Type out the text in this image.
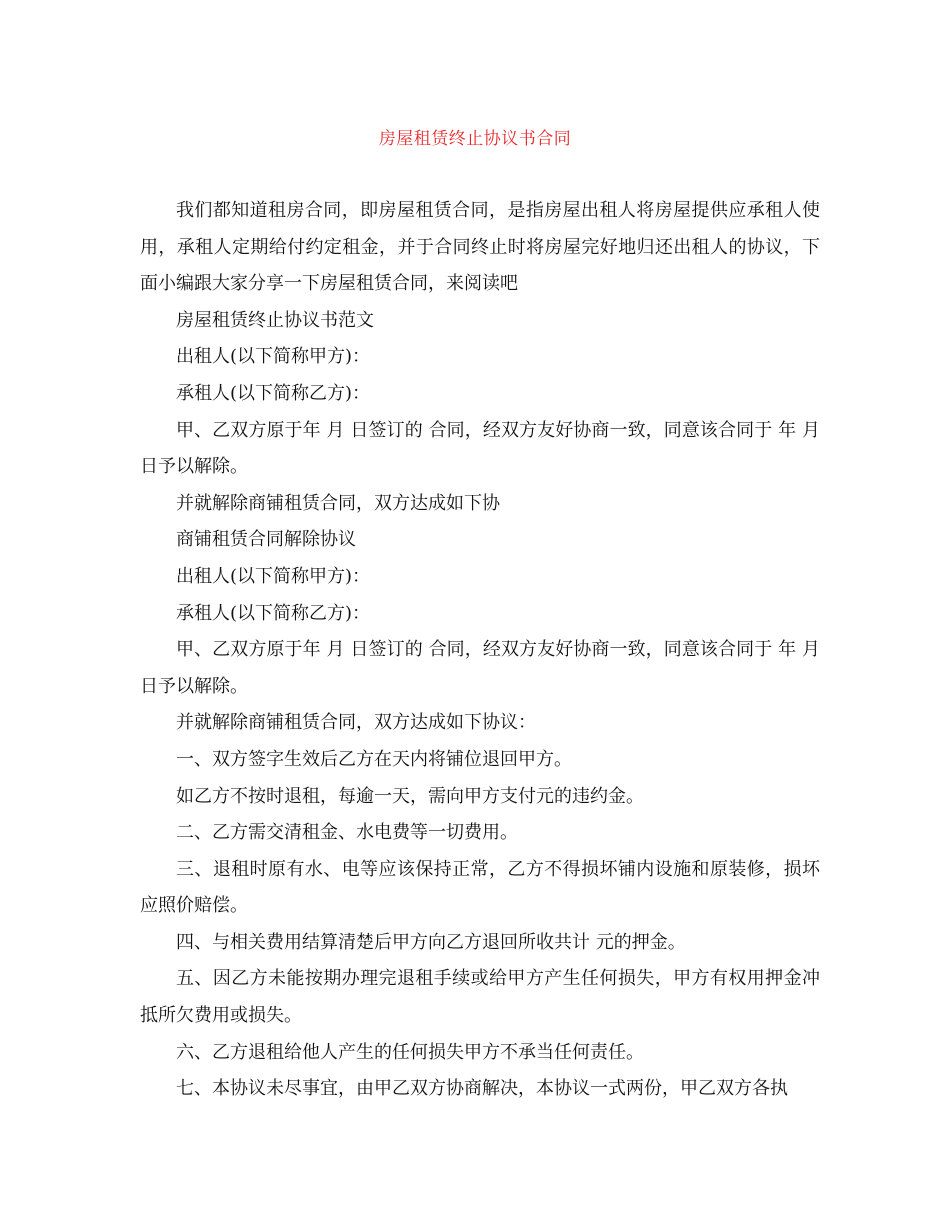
房屋租赁终止协议书合同

我们都知道租房合同，即房屋租赁合同，是指房屋出租人将房屋提供应承租人使用，承租人定期给付约定租金，并于合同终止时将房屋完好地归还出租人的协议，下面小编跟大家分享一下房屋租赁合同，来阅读吧

房屋租赁终止协议书范文

出租人(以下简称甲方)：

承租人(以下简称乙方)：

甲、乙双方原于年 月 日签订的 合同，经双方友好协商一致，同意该合同于 年 月 日予以解除。

并就解除商铺租赁合同，双方达成如下协

商铺租赁合同解除协议

出租人(以下简称甲方)：

承租人(以下简称乙方)：

甲、乙双方原于年 月 日签订的 合同，经双方友好协商一致，同意该合同于 年 月 日予以解除。

并就解除商铺租赁合同，双方达成如下协议：

一、双方签字生效后乙方在天内将铺位退回甲方。

如乙方不按时退租，每逾一天，需向甲方支付元的违约金。

二、乙方需交清租金、水电费等一切费用。

三、退租时原有水、电等应该保持正常，乙方不得损坏铺内设施和原装修，损坏应照价赔偿。

四、与相关费用结算清楚后甲方向乙方退回所收共计 元的押金。

五、因乙方未能按期办理完退租手续或给甲方产生任何损失，甲方有权用押金冲抵所欠费用或损失。

六、乙方退租给他人产生的任何损失甲方不承当任何责任。

七、本协议未尽事宜，由甲乙双方协商解决，本协议一式两份，甲乙双方各执
